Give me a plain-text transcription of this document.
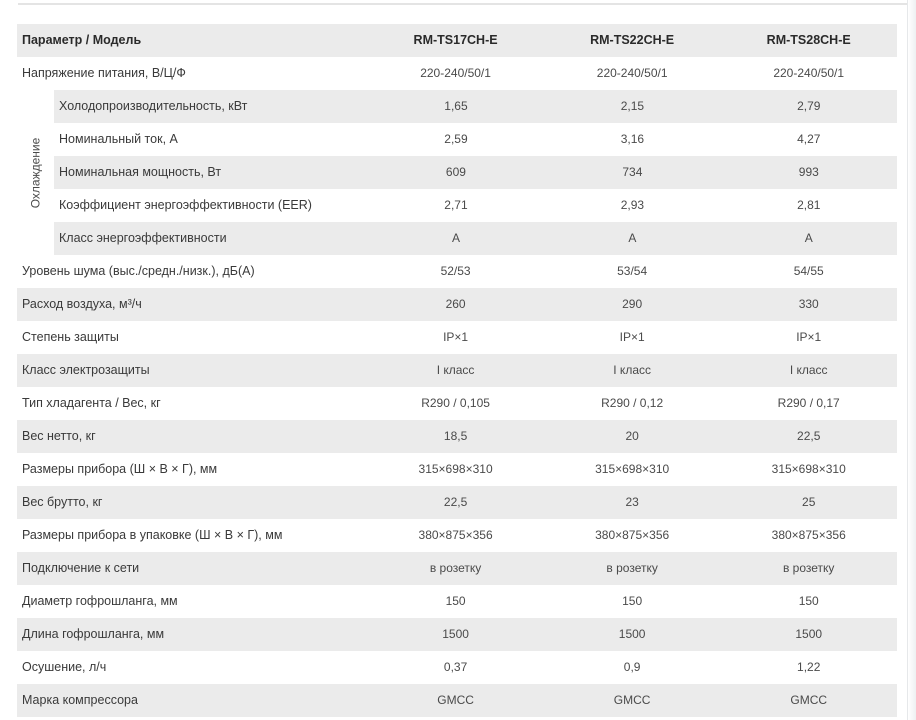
Параметр / Модель	RM-TS17CH-E	RM-TS22CH-E	RM-TS28CH-E
Напряжение питания, В/Ц/Ф	220-240/50/1	220-240/50/1	220-240/50/1
Охлаждение
Холодопроизводительность, кВт	1,65	2,15	2,79
Номинальный ток, А	2,59	3,16	4,27
Номинальная мощность, Вт	609	734	993
Коэффициент энергоэффективности (EER)	2,71	2,93	2,81
Класс энергоэффективности	A	A	A
Уровень шума (выс./средн./низк.), дБ(А)	52/53	53/54	54/55
Расход воздуха, м³/ч	260	290	330
Степень защиты	IP×1	IP×1	IP×1
Класс электрозащиты	I класс	I класс	I класс
Тип хладагента / Вес, кг	R290 / 0,105	R290 / 0,12	R290 / 0,17
Вес нетто, кг	18,5	20	22,5
Размеры прибора (Ш × В × Г), мм	315×698×310	315×698×310	315×698×310
Вес брутто, кг	22,5	23	25
Размеры прибора в упаковке (Ш × В × Г), мм	380×875×356	380×875×356	380×875×356
Подключение к сети	в розетку	в розетку	в розетку
Диаметр гофрошланга, мм	150	150	150
Длина гофрошланга, мм	1500	1500	1500
Осушение, л/ч	0,37	0,9	1,22
Марка компрессора	GMCC	GMCC	GMCC
